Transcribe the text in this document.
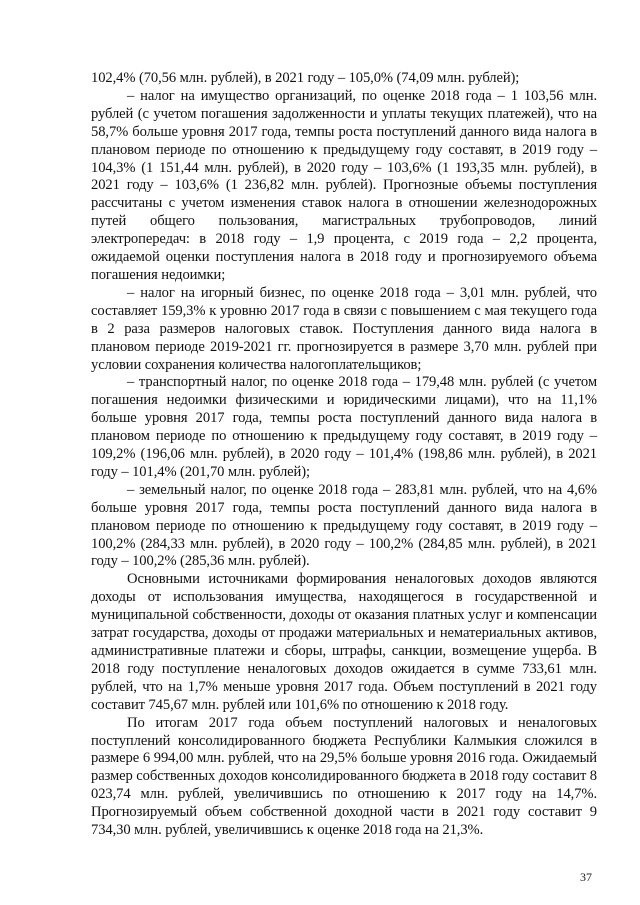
102,4% (70,56 млн. рублей), в 2021 году – 105,0% (74,09 млн. рублей);

– налог на имущество организаций, по оценке 2018 года – 1 103,56 млн. рублей (с учетом погашения задолженности и уплаты текущих платежей), что на 58,7% больше уровня 2017 года, темпы роста поступлений данного вида налога в плановом периоде по отношению к предыдущему году составят, в 2019 году – 104,3% (1 151,44 млн. рублей), в 2020 году – 103,6% (1 193,35 млн. рублей), в 2021 году – 103,6% (1 236,82 млн. рублей). Прогнозные объемы поступления рассчитаны с учетом изменения ставок налога в отношении железнодорожных путей общего пользования, магистральных трубопроводов, линий электропередач: в 2018 году – 1,9 процента, с 2019 года – 2,2 процента, ожидаемой оценки поступления налога в 2018 году и прогнозируемого объема погашения недоимки;

– налог на игорный бизнес, по оценке 2018 года – 3,01 млн. рублей, что составляет 159,3% к уровню 2017 года в связи с повышением с мая текущего года в 2 раза размеров налоговых ставок. Поступления данного вида налога в плановом периоде 2019-2021 гг. прогнозируется в размере 3,70 млн. рублей при условии сохранения количества налогоплательщиков;

– транспортный налог, по оценке 2018 года – 179,48 млн. рублей (с учетом погашения недоимки физическими и юридическими лицами), что на 11,1% больше уровня 2017 года, темпы роста поступлений данного вида налога в плановом периоде по отношению к предыдущему году составят, в 2019 году – 109,2% (196,06 млн. рублей), в 2020 году – 101,4% (198,86 млн. рублей), в 2021 году – 101,4% (201,70 млн. рублей);

– земельный налог, по оценке 2018 года – 283,81 млн. рублей, что на 4,6% больше уровня 2017 года, темпы роста поступлений данного вида налога в плановом периоде по отношению к предыдущему году составят, в 2019 году – 100,2% (284,33 млн. рублей), в 2020 году – 100,2% (284,85 млн. рублей), в 2021 году – 100,2% (285,36 млн. рублей).

Основными источниками формирования неналоговых доходов являются доходы от использования имущества, находящегося в государственной и муниципальной собственности, доходы от оказания платных услуг и компенсации затрат государства, доходы от продажи материальных и нематериальных активов, административные платежи и сборы, штрафы, санкции, возмещение ущерба. В 2018 году поступление неналоговых доходов ожидается в сумме 733,61 млн. рублей, что на 1,7% меньше уровня 2017 года. Объем поступлений в 2021 году составит 745,67 млн. рублей или 101,6% по отношению к 2018 году.

По итогам 2017 года объем поступлений налоговых и неналоговых поступлений консолидированного бюджета Республики Калмыкия сложился в размере 6 994,00 млн. рублей, что на 29,5% больше уровня 2016 года. Ожидаемый размер собственных доходов консолидированного бюджета в 2018 году составит 8 023,74 млн. рублей, увеличившись по отношению к 2017 году на 14,7%. Прогнозируемый объем собственной доходной части в 2021 году составит 9 734,30 млн. рублей, увеличившись к оценке 2018 года на 21,3%.

37
